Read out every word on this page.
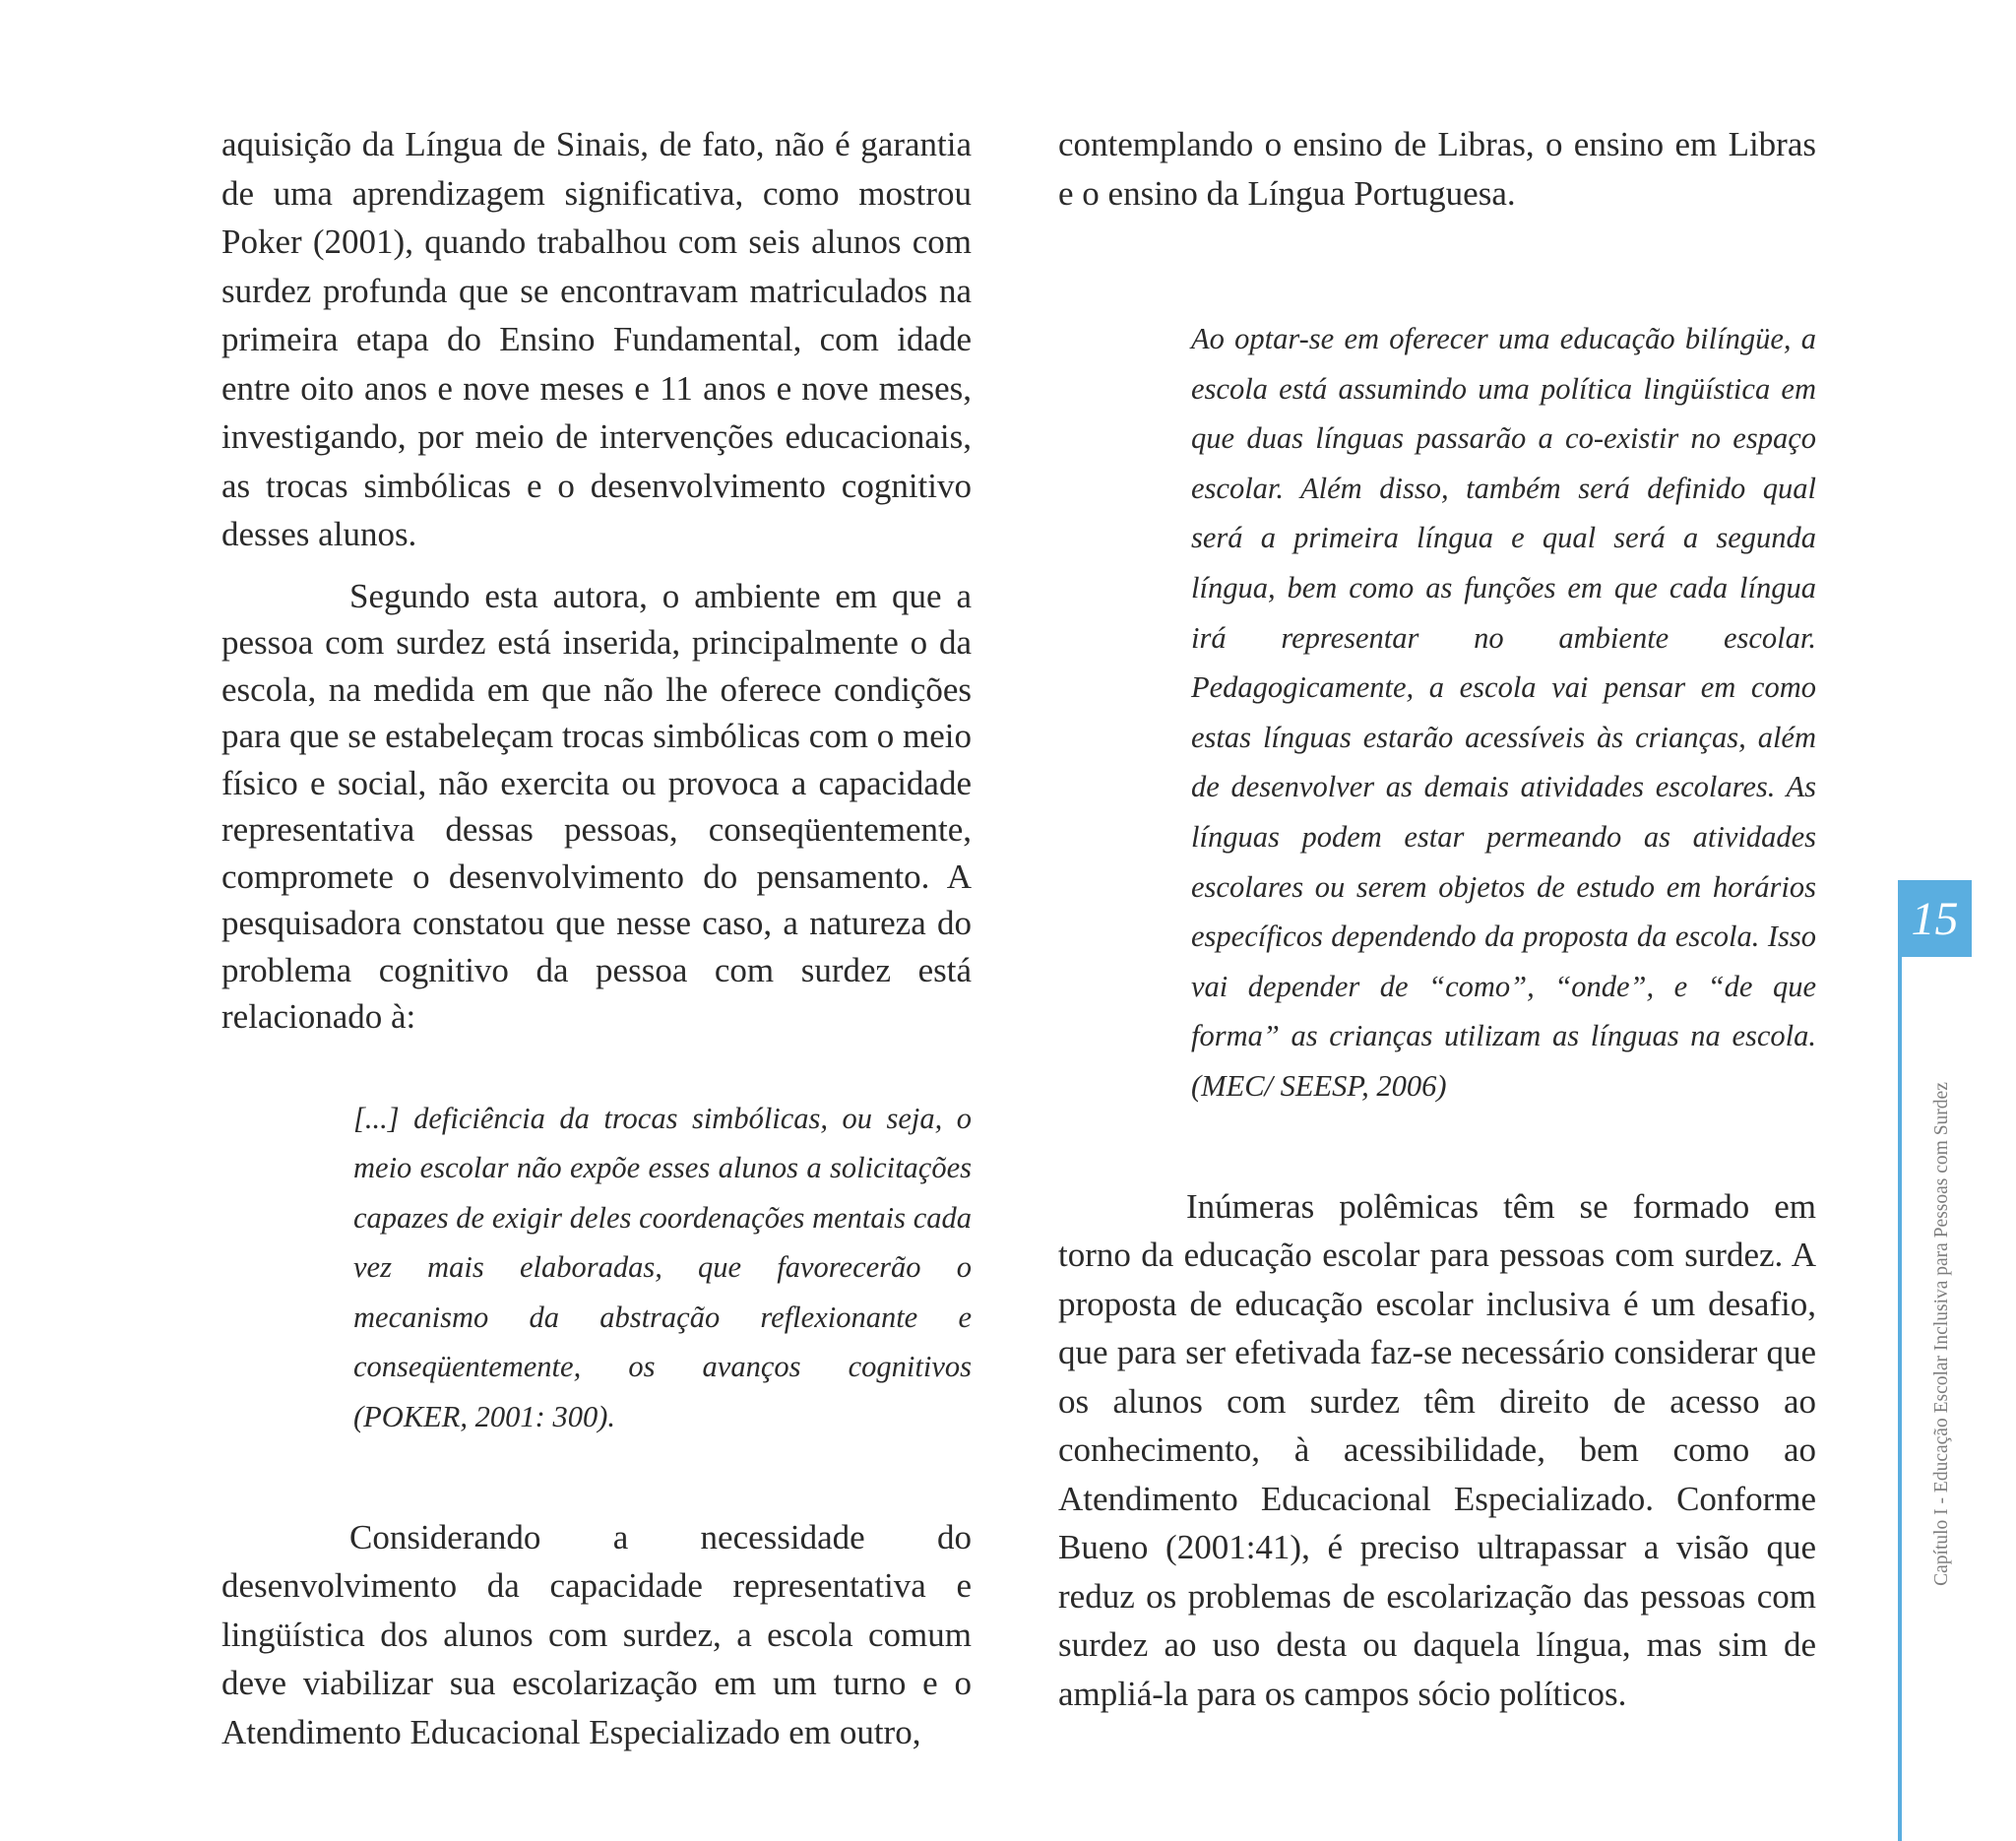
aquisição da Língua de Sinais, de fato, não é garantia de uma aprendizagem significativa, como mostrou Poker (2001), quando trabalhou com seis alunos com surdez profunda que se encontravam matriculados na primeira etapa do Ensino Fundamental, com idade entre oito anos e nove meses e 11 anos e nove meses, investigando, por meio de intervenções educacionais, as trocas simbólicas e o desenvolvimento cognitivo desses alunos.

Segundo esta autora, o ambiente em que a pessoa com surdez está inserida, principalmente o da escola, na medida em que não lhe oferece condições para que se estabeleçam trocas simbólicas com o meio físico e social, não exercita ou provoca a capacidade representativa dessas pessoas, conseqüentemente, compromete o desenvolvimento do pensamento. A pesquisadora constatou que nesse caso, a natureza do problema cognitivo da pessoa com surdez está relacionado à:

[...] deficiência da trocas simbólicas, ou seja, o meio escolar não expõe esses alunos a solicitações capazes de exigir deles coordenações mentais cada vez mais elaboradas, que favorecerão o mecanismo da abstração reflexionante e conseqüentemente, os avanços cognitivos (POKER, 2001: 300).

Considerando a necessidade do desenvolvimento da capacidade representativa e lingüística dos alunos com surdez, a escola comum deve viabilizar sua escolarização em um turno e o Atendimento Educacional Especializado em outro,

contemplando o ensino de Libras, o ensino em Libras e o ensino da Língua Portuguesa.

Ao optar-se em oferecer uma educação bilíngüe, a escola está assumindo uma política lingüística em que duas línguas passarão a co-existir no espaço escolar. Além disso, também será definido qual será a primeira língua e qual será a segunda língua, bem como as funções em que cada língua irá representar no ambiente escolar. Pedagogicamente, a escola vai pensar em como estas línguas estarão acessíveis às crianças, além de desenvolver as demais atividades escolares. As línguas podem estar permeando as atividades escolares ou serem objetos de estudo em horários específicos dependendo da proposta da escola. Isso vai depender de “como”, “onde”, e “de que forma” as crianças utilizam as línguas na escola. (MEC/ SEESP, 2006)

Inúmeras polêmicas têm se formado em torno da educação escolar para pessoas com surdez. A proposta de educação escolar inclusiva é um desafio, que para ser efetivada faz-se necessário considerar que os alunos com surdez têm direito de acesso ao conhecimento, à acessibilidade, bem como ao Atendimento Educacional Especializado. Conforme Bueno (2001:41), é preciso ultrapassar a visão que reduz os problemas de escolarização das pessoas com surdez ao uso desta ou daquela língua, mas sim de ampliá-la para os campos sócio políticos.

15
Capítulo I - Educação Escolar Inclusiva para Pessoas com Surdez
